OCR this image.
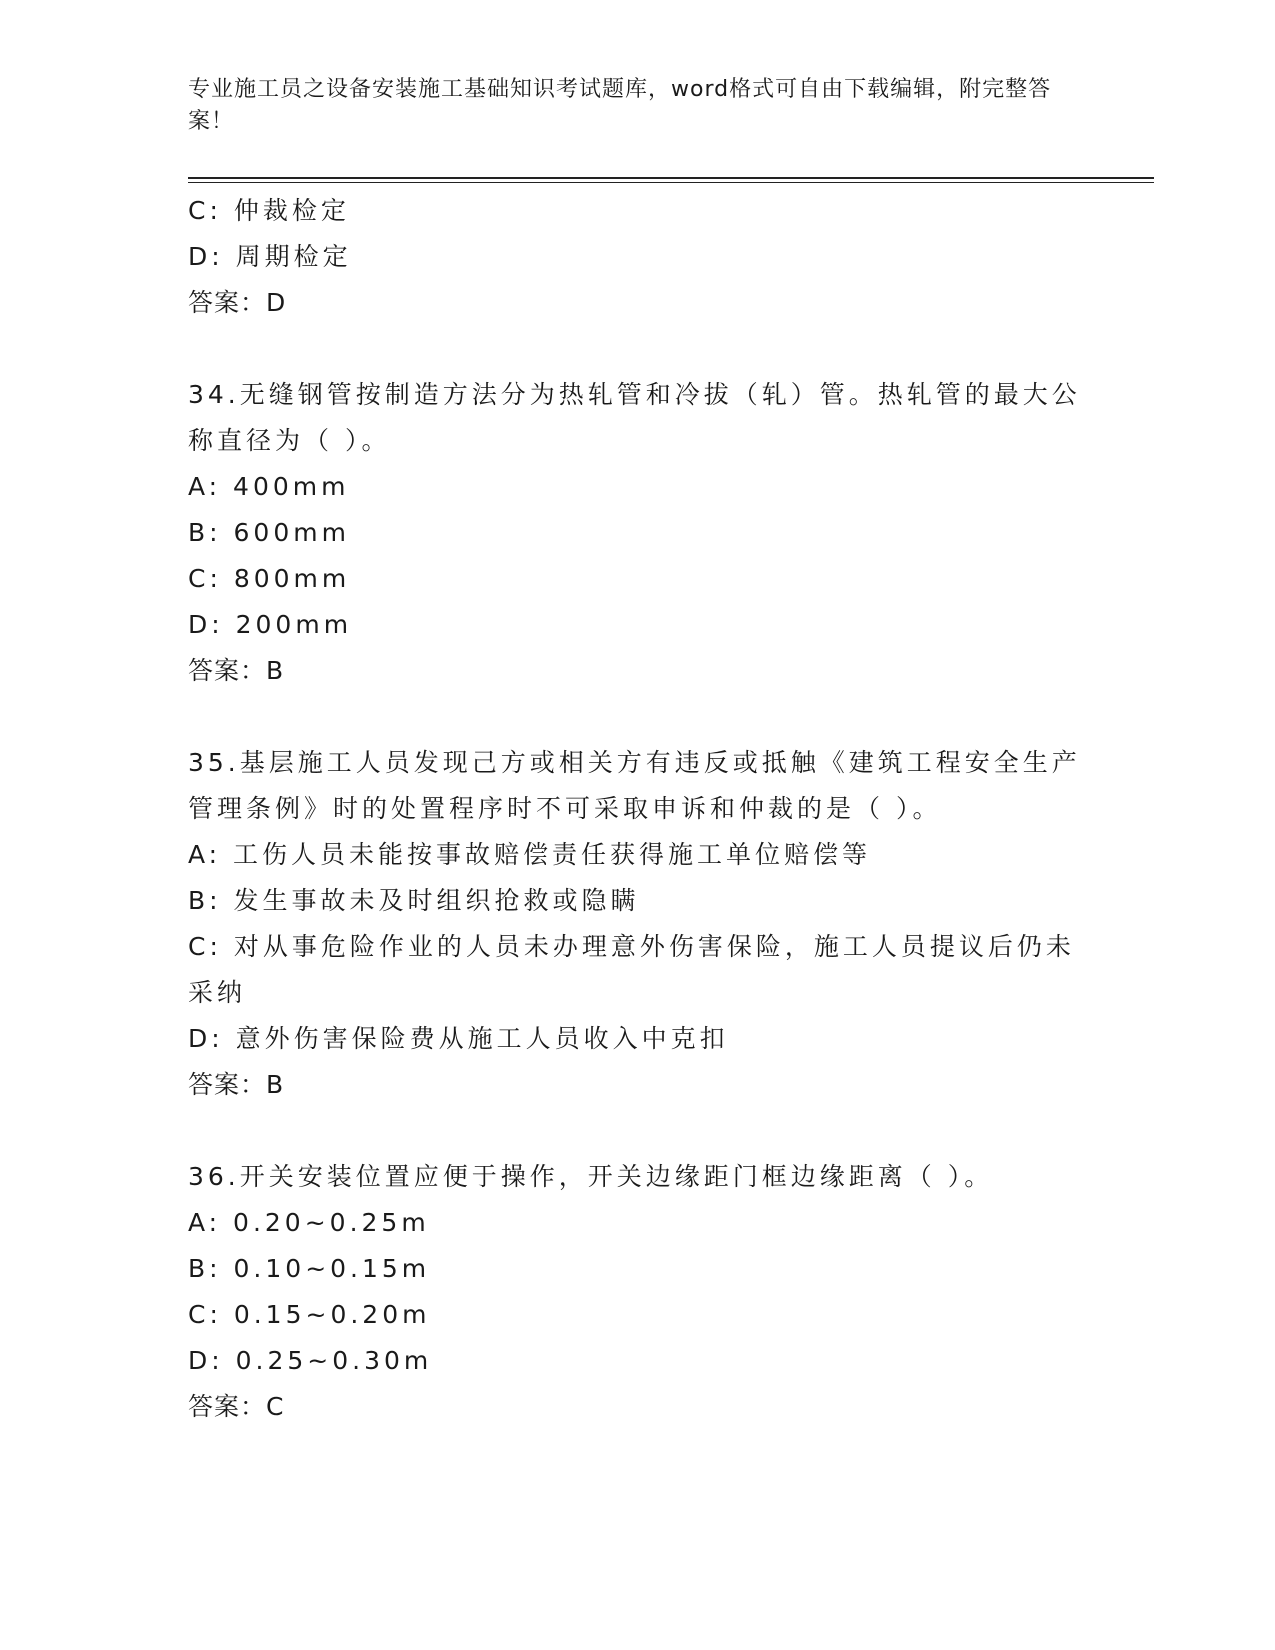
专业施工员之设备安装施工基础知识考试题库，word格式可自由下载编辑，附完整答案！
C: 仲裁检定
D: 周期检定
答案：D
34.无缝钢管按制造方法分为热轧管和冷拔（轧）管。热轧管的最大公称直径为（ ）。
A: 400mm
B: 600mm
C: 800mm
D: 200mm
答案：B
35.基层施工人员发现己方或相关方有违反或抵触《建筑工程安全生产管理条例》时的处置程序时不可采取申诉和仲裁的是（ ）。
A: 工伤人员未能按事故赔偿责任获得施工单位赔偿等
B: 发生事故未及时组织抢救或隐瞒
C: 对从事危险作业的人员未办理意外伤害保险，施工人员提议后仍未采纳
D: 意外伤害保险费从施工人员收入中克扣
答案：B
36.开关安装位置应便于操作，开关边缘距门框边缘距离（ ）。
A: 0.20~0.25m
B: 0.10~0.15m
C: 0.15~0.20m
D: 0.25~0.30m
答案：C
